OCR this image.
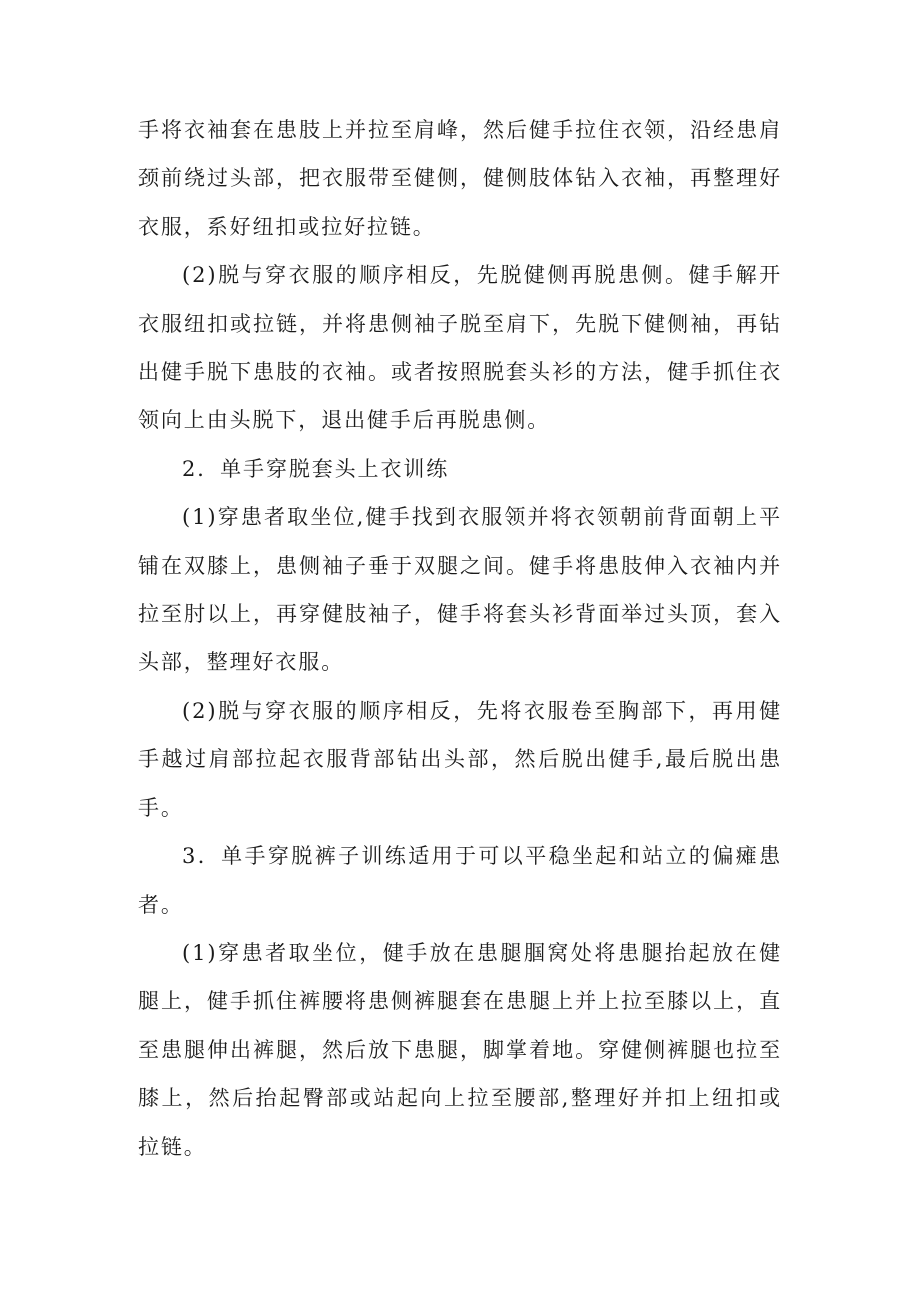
手将衣袖套在患肢上并拉至肩峰，然后健手拉住衣领，沿经患肩颈前绕过头部，把衣服带至健侧，健侧肢体钻入衣袖，再整理好衣服，系好纽扣或拉好拉链。

(2)脱与穿衣服的顺序相反，先脱健侧再脱患侧。健手解开衣服纽扣或拉链，并将患侧袖子脱至肩下，先脱下健侧袖，再钻出健手脱下患肢的衣袖。或者按照脱套头衫的方法，健手抓住衣领向上由头脱下，退出健手后再脱患侧。

2．单手穿脱套头上衣训练

(1)穿患者取坐位,健手找到衣服领并将衣领朝前背面朝上平铺在双膝上，患侧袖子垂于双腿之间。健手将患肢伸入衣袖内并拉至肘以上，再穿健肢袖子，健手将套头衫背面举过头顶，套入头部，整理好衣服。

(2)脱与穿衣服的顺序相反，先将衣服卷至胸部下，再用健手越过肩部拉起衣服背部钻出头部，然后脱出健手,最后脱出患手。

3．单手穿脱裤子训练适用于可以平稳坐起和站立的偏瘫患者。

(1)穿患者取坐位，健手放在患腿腘窝处将患腿抬起放在健腿上，健手抓住裤腰将患侧裤腿套在患腿上并上拉至膝以上，直至患腿伸出裤腿，然后放下患腿，脚掌着地。穿健侧裤腿也拉至膝上，然后抬起臀部或站起向上拉至腰部,整理好并扣上纽扣或拉链。
